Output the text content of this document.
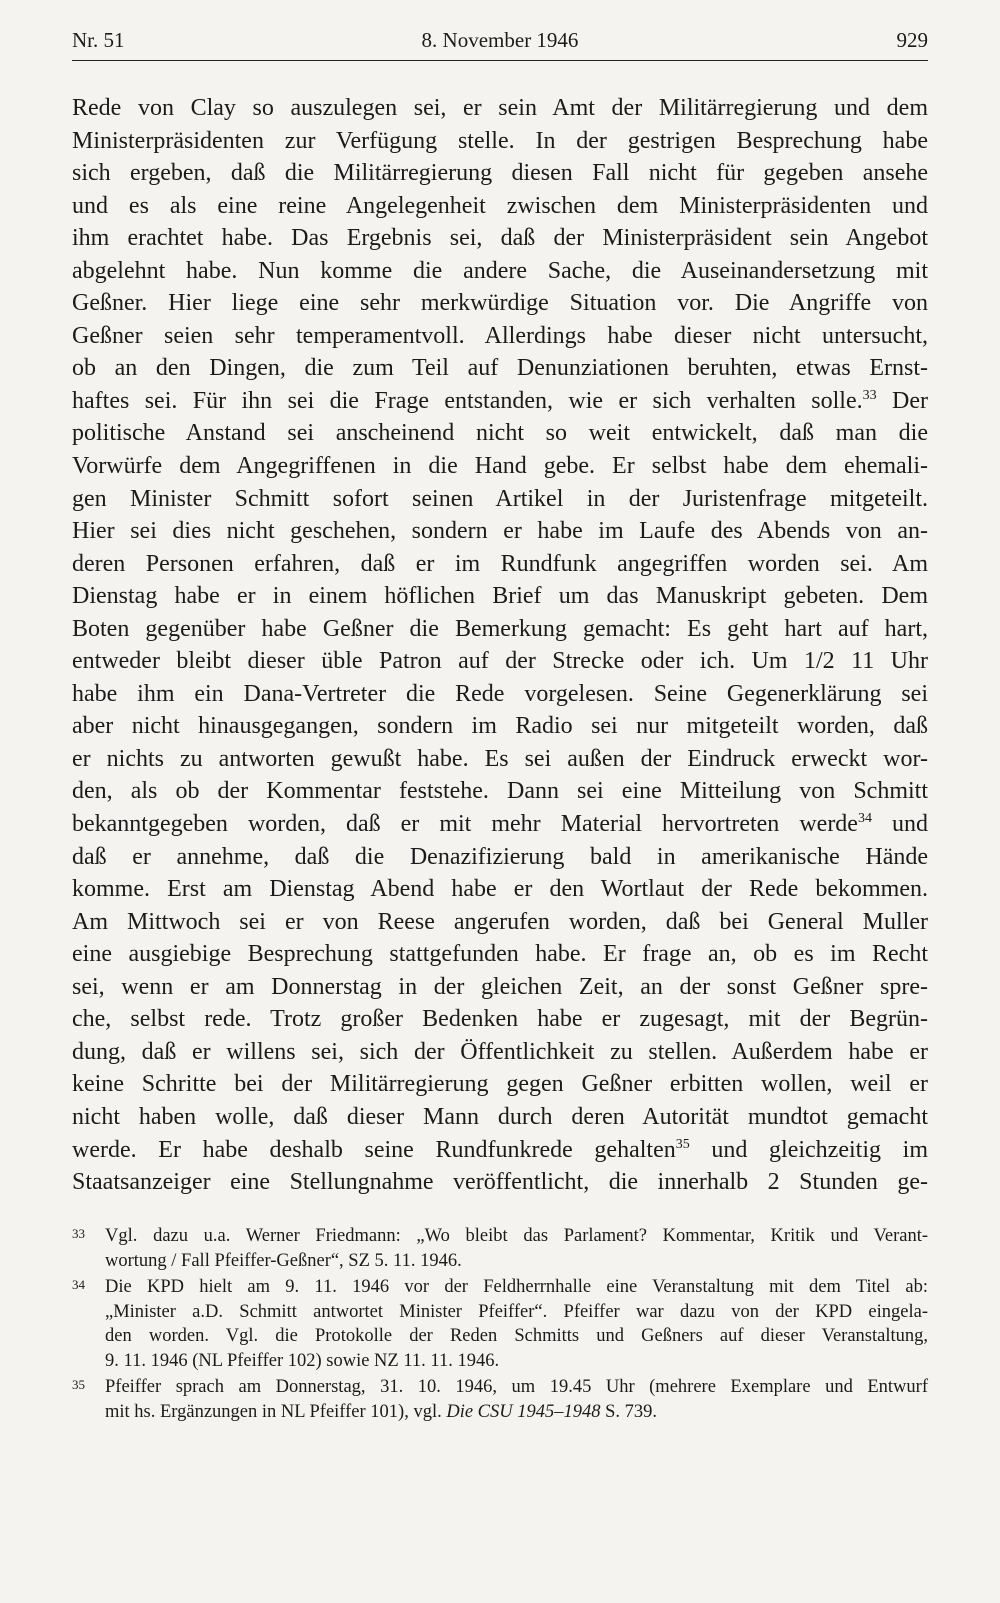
Nr. 51	8. November 1946	929
Rede von Clay so auszulegen sei, er sein Amt der Militärregierung und dem
Ministerpräsidenten zur Verfügung stelle. In der gestrigen Besprechung habe
sich ergeben, daß die Militärregierung diesen Fall nicht für gegeben ansehe
und es als eine reine Angelegenheit zwischen dem Ministerpräsidenten und
ihm erachtet habe. Das Ergebnis sei, daß der Ministerpräsident sein Angebot
abgelehnt habe. Nun komme die andere Sache, die Auseinandersetzung mit
Geßner. Hier liege eine sehr merkwürdige Situation vor. Die Angriffe von
Geßner seien sehr temperamentvoll. Allerdings habe dieser nicht untersucht,
ob an den Dingen, die zum Teil auf Denunziationen beruhten, etwas Ernst-
haftes sei. Für ihn sei die Frage entstanden, wie er sich verhalten solle.$^{33}$ Der
politische Anstand sei anscheinend nicht so weit entwickelt, daß man die
Vorwürfe dem Angegriffenen in die Hand gebe. Er selbst habe dem ehemali-
gen Minister Schmitt sofort seinen Artikel in der Juristenfrage mitgeteilt.
Hier sei dies nicht geschehen, sondern er habe im Laufe des Abends von an-
deren Personen erfahren, daß er im Rundfunk angegriffen worden sei. Am
Dienstag habe er in einem höflichen Brief um das Manuskript gebeten. Dem
Boten gegenüber habe Geßner die Bemerkung gemacht: Es geht hart auf hart,
entweder bleibt dieser üble Patron auf der Strecke oder ich. Um 1/2 11 Uhr
habe ihm ein Dana-Vertreter die Rede vorgelesen. Seine Gegenerklärung sei
aber nicht hinausgegangen, sondern im Radio sei nur mitgeteilt worden, daß
er nichts zu antworten gewußt habe. Es sei außen der Eindruck erweckt wor-
den, als ob der Kommentar feststehe. Dann sei eine Mitteilung von Schmitt
bekanntgegeben worden, daß er mit mehr Material hervortreten werde$^{34}$ und
daß er annehme, daß die Denazifizierung bald in amerikanische Hände
komme. Erst am Dienstag Abend habe er den Wortlaut der Rede bekommen.
Am Mittwoch sei er von Reese angerufen worden, daß bei General Muller
eine ausgiebige Besprechung stattgefunden habe. Er frage an, ob es im Recht
sei, wenn er am Donnerstag in der gleichen Zeit, an der sonst Geßner spre-
che, selbst rede. Trotz großer Bedenken habe er zugesagt, mit der Begrün-
dung, daß er willens sei, sich der Öffentlichkeit zu stellen. Außerdem habe er
keine Schritte bei der Militärregierung gegen Geßner erbitten wollen, weil er
nicht haben wolle, daß dieser Mann durch deren Autorität mundtot gemacht
werde. Er habe deshalb seine Rundfunkrede gehalten$^{35}$ und gleichzeitig im
Staatsanzeiger eine Stellungnahme veröffentlicht, die innerhalb 2 Stunden ge-
33 Vgl. dazu u.a. Werner Friedmann: „Wo bleibt das Parlament? Kommentar, Kritik und Verant-
wortung / Fall Pfeiffer-Geßner“, SZ 5. 11. 1946.
34 Die KPD hielt am 9. 11. 1946 vor der Feldherrnhalle eine Veranstaltung mit dem Titel ab:
„Minister a.D. Schmitt antwortet Minister Pfeiffer“. Pfeiffer war dazu von der KPD eingela-
den worden. Vgl. die Protokolle der Reden Schmitts und Geßners auf dieser Veranstaltung,
9. 11. 1946 (NL Pfeiffer 102) sowie NZ 11. 11. 1946.
35 Pfeiffer sprach am Donnerstag, 31. 10. 1946, um 19.45 Uhr (mehrere Exemplare und Entwurf
mit hs. Ergänzungen in NL Pfeiffer 101), vgl. Die CSU 1945–1948 S. 739.
